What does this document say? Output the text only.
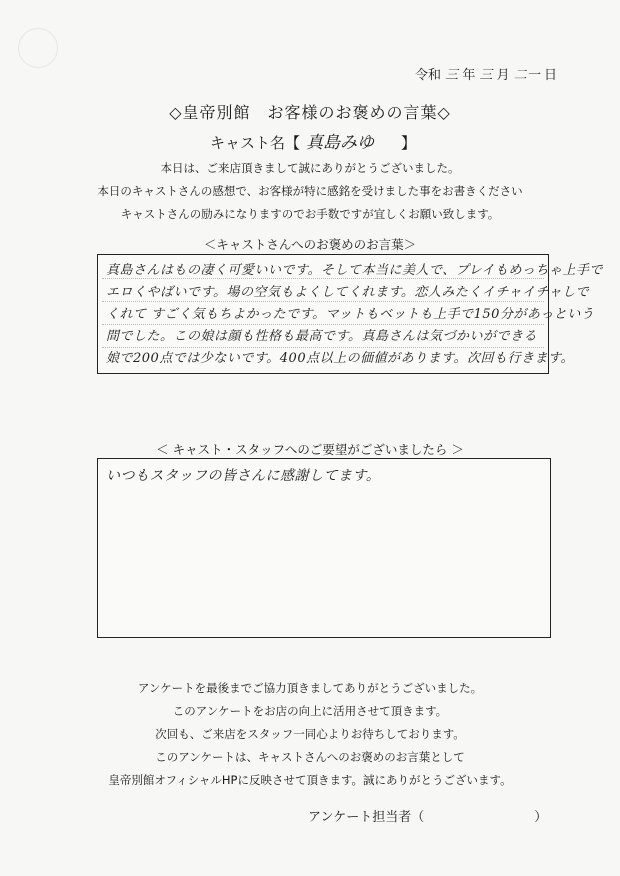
令和 三 年 三 月 二一 日
◇皇帝別館　お客様のお褒めの言葉◇
キャスト名【 真島みゆ 】
本日は、ご来店頂きまして誠にありがとうございました。
本日のキャストさんの感想で、お客様が特に感銘を受けました事をお書きください
キャストさんの励みになりますのでお手数ですが宜しくお願い致します。
＜キャストさんへのお褒めのお言葉＞
真島さんはもの凄く可愛いいです。そして本当に美人で、プレイもめっちゃ上手で
エロくやばいです。場の空気もよくしてくれます。恋人みたくイチャイチャしで
くれて すごく気もちよかったです。マットもベットも上手で150分があっという
間でした。この娘は顔も性格も最高です。真島さんは気づかいができる
娘で200点では少ないです。400点以上の価値があります。次回も行きます。
＜ キャスト・スタッフへのご要望がございましたら ＞
いつもスタッフの皆さんに感謝してます。
アンケートを最後までご協力頂きましてありがとうございました。
このアンケートをお店の向上に活用させて頂きます。
次回も、ご来店をスタッフ一同心よりお待ちしております。
このアンケートは、キャストさんへのお褒めのお言葉として
皇帝別館オフィシャルHPに反映させて頂きます。誠にありがとうございます。
アンケート担当者（	）
